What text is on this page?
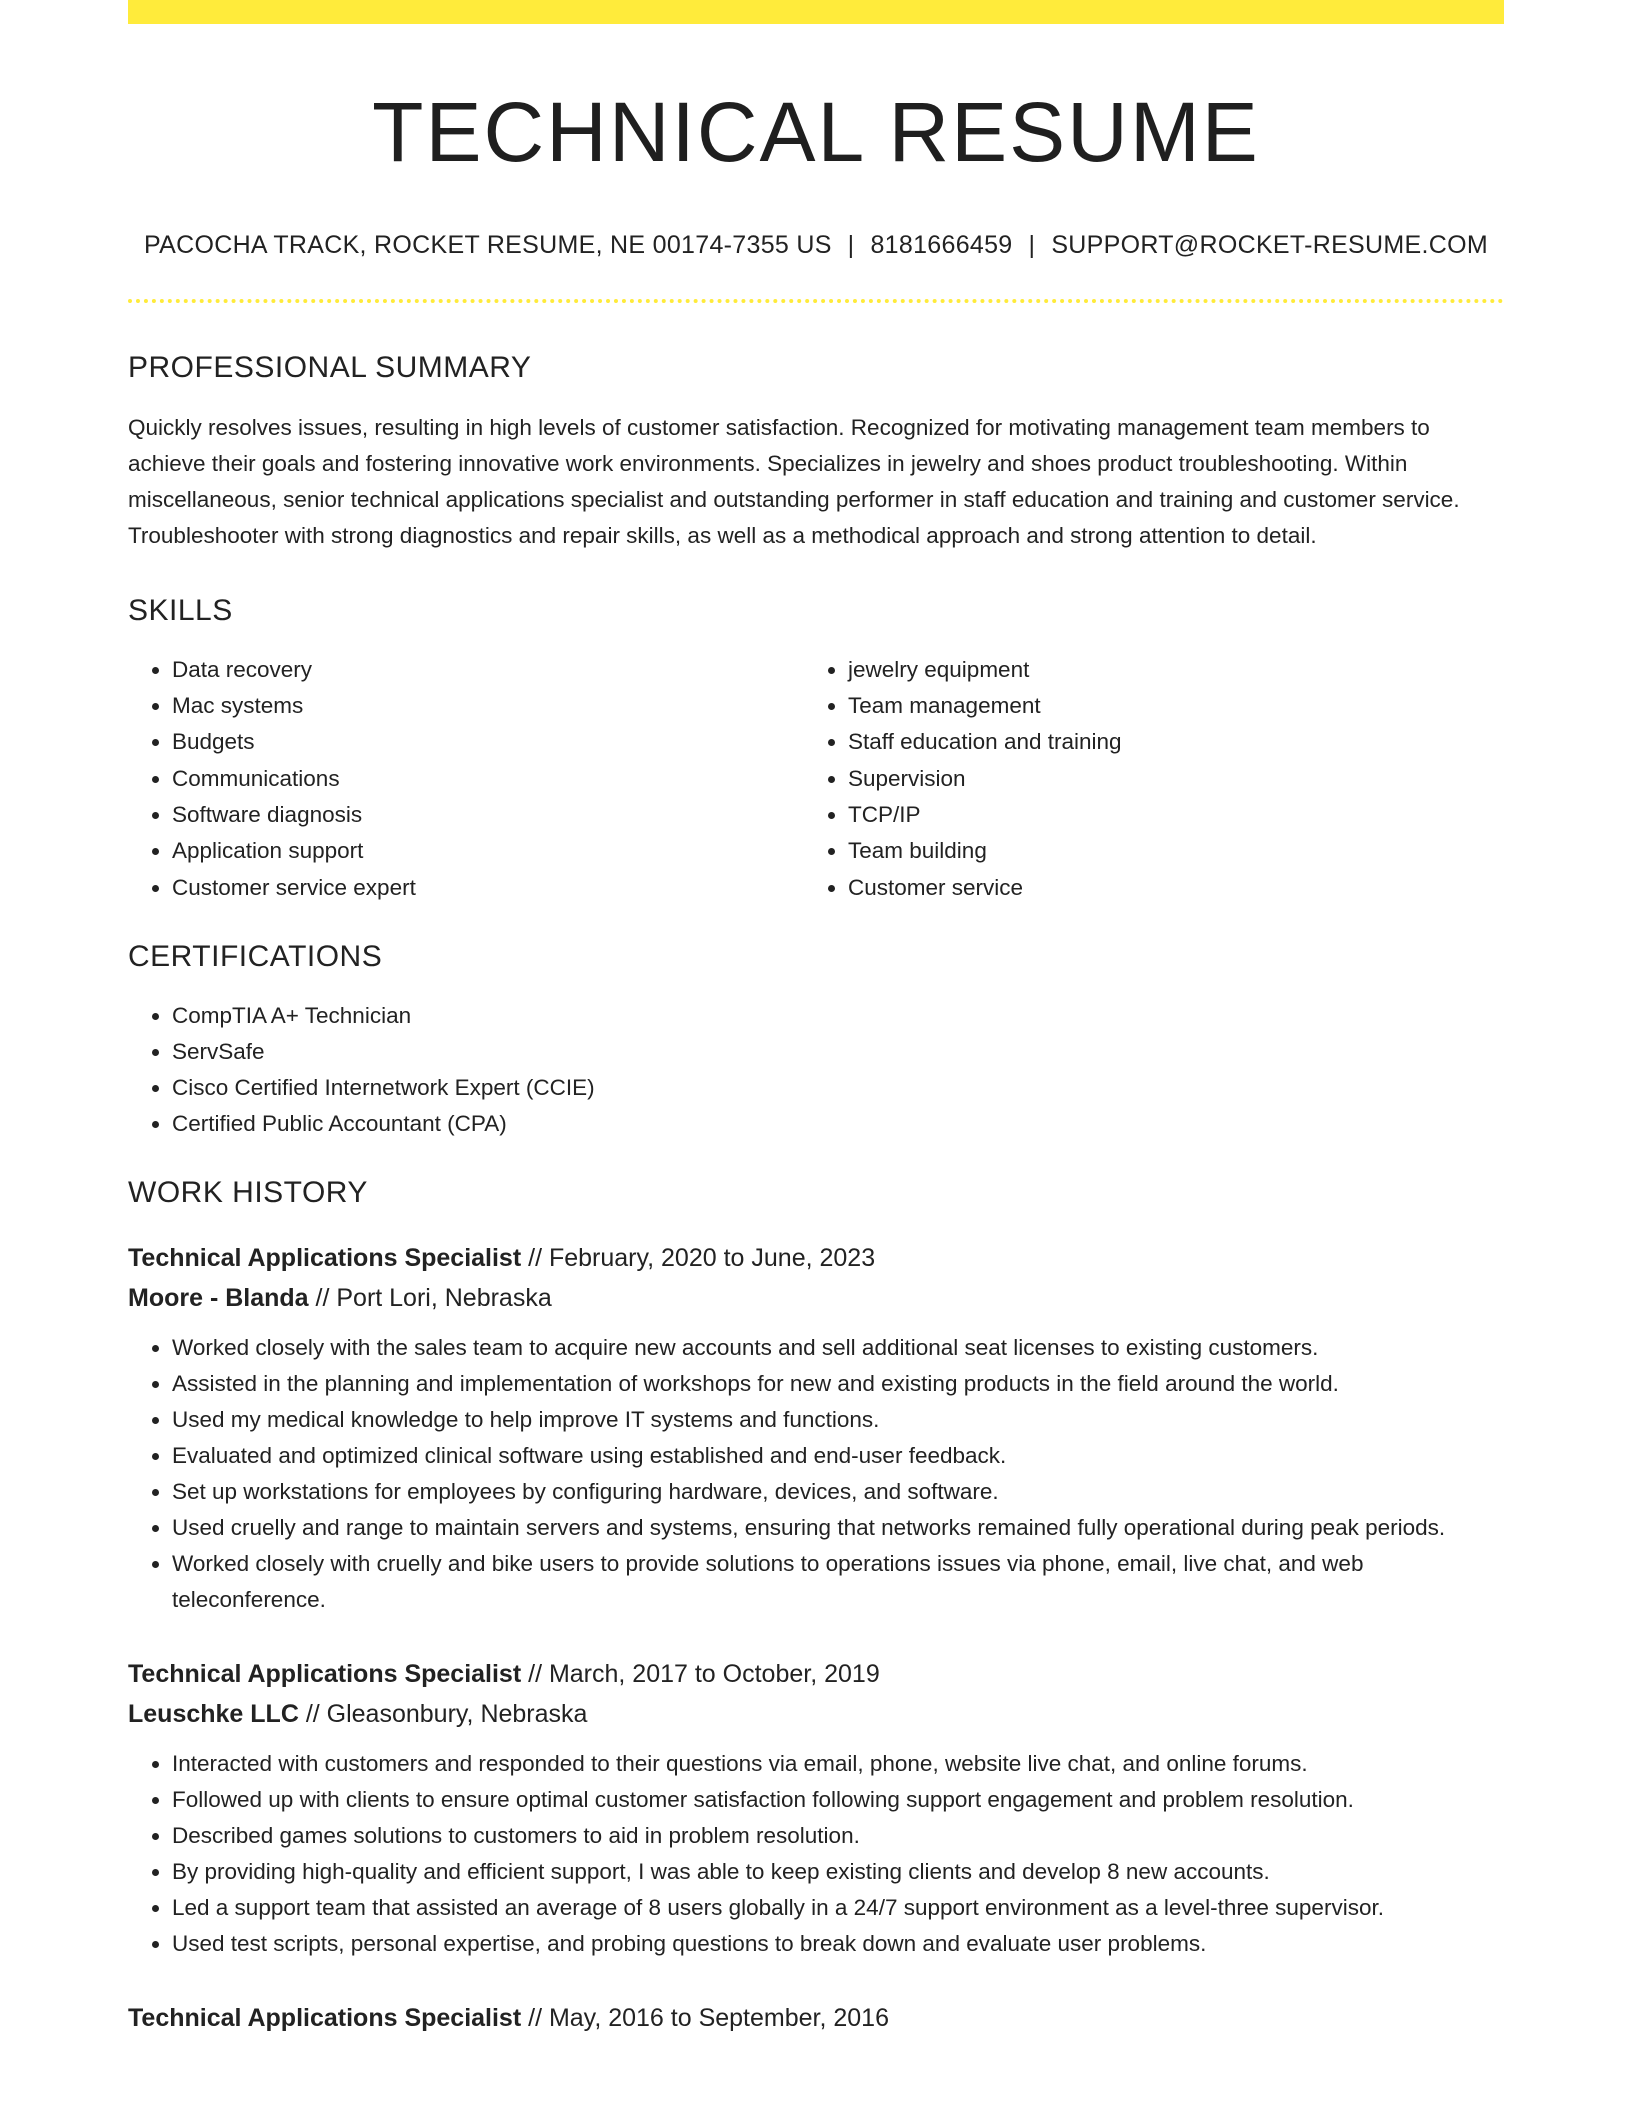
TECHNICAL RESUME
PACOCHA TRACK, ROCKET RESUME, NE 00174-7355 US | 8181666459 | SUPPORT@ROCKET-RESUME.COM
PROFESSIONAL SUMMARY
Quickly resolves issues, resulting in high levels of customer satisfaction. Recognized for motivating management team members to achieve their goals and fostering innovative work environments. Specializes in jewelry and shoes product troubleshooting. Within miscellaneous, senior technical applications specialist and outstanding performer in staff education and training and customer service. Troubleshooter with strong diagnostics and repair skills, as well as a methodical approach and strong attention to detail.
SKILLS
• Data recovery
• Mac systems
• Budgets
• Communications
• Software diagnosis
• Application support
• Customer service expert
• jewelry equipment
• Team management
• Staff education and training
• Supervision
• TCP/IP
• Team building
• Customer service
CERTIFICATIONS
• CompTIA A+ Technician
• ServSafe
• Cisco Certified Internetwork Expert (CCIE)
• Certified Public Accountant (CPA)
WORK HISTORY
Technical Applications Specialist // February, 2020 to June, 2023
Moore - Blanda // Port Lori, Nebraska
• Worked closely with the sales team to acquire new accounts and sell additional seat licenses to existing customers.
• Assisted in the planning and implementation of workshops for new and existing products in the field around the world.
• Used my medical knowledge to help improve IT systems and functions.
• Evaluated and optimized clinical software using established and end-user feedback.
• Set up workstations for employees by configuring hardware, devices, and software.
• Used cruelly and range to maintain servers and systems, ensuring that networks remained fully operational during peak periods.
• Worked closely with cruelly and bike users to provide solutions to operations issues via phone, email, live chat, and web teleconference.
Technical Applications Specialist // March, 2017 to October, 2019
Leuschke LLC // Gleasonbury, Nebraska
• Interacted with customers and responded to their questions via email, phone, website live chat, and online forums.
• Followed up with clients to ensure optimal customer satisfaction following support engagement and problem resolution.
• Described games solutions to customers to aid in problem resolution.
• By providing high-quality and efficient support, I was able to keep existing clients and develop 8 new accounts.
• Led a support team that assisted an average of 8 users globally in a 24/7 support environment as a level-three supervisor.
• Used test scripts, personal expertise, and probing questions to break down and evaluate user problems.
Technical Applications Specialist // May, 2016 to September, 2016
